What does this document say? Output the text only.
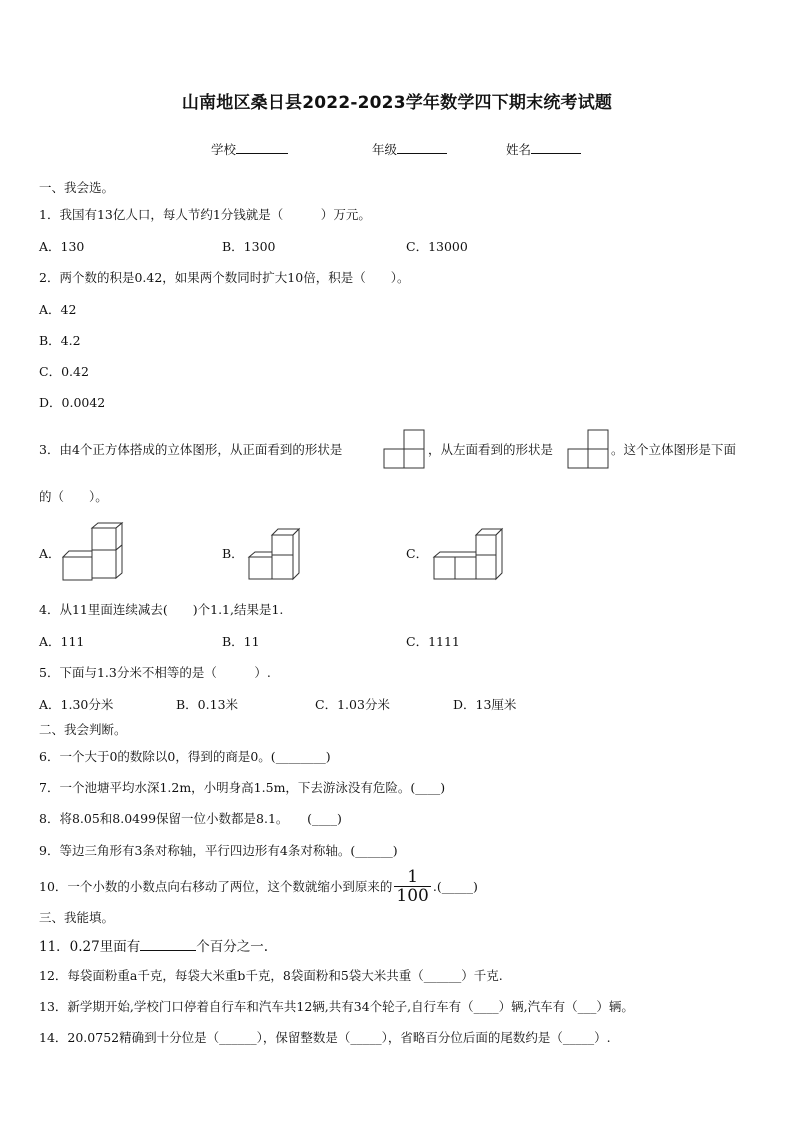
山南地区桑日县2022-2023学年数学四下期末统考试题
学校	年级	姓名
一、我会选。
1．我国有13亿人口，每人节约1分钱就是（　　　）万元。
A．130	B．1300	C．13000
2．两个数的积是0.42，如果两个数同时扩大10倍，积是（　　）。
A．42
B．4.2
C．0.42
D．0.0042
3．由4个正方体搭成的立体图形，从正面看到的形状是	，从左面看到的形状是	。这个立体图形是下面
的（　　）。
A．	B．	C．
4．从11里面连续减去(　　)个1.1,结果是1.
A．111	B．11	C．1111
5．下面与1.3分米不相等的是（　　　）.
A．1.30分米	B．0.13米	C．1.03分米	D．13厘米
二、我会判断。
6．一个大于0的数除以0，得到的商是0。(________)
7．一个池塘平均水深1.2m，小明身高1.5m，下去游泳没有危险。(____)
8．将8.05和8.0499保留一位小数都是8.1。　　(____)
9．等边三角形有3条对称轴，平行四边形有4条对称轴。(______)
10．一个小数的小数点向右移动了两位，这个数就缩小到原来的 $\frac{1}{100}$ .(_____)
三、我能填。
11．0.27里面有	个百分之一.
12．每袋面粉重a千克，每袋大米重b千克，8袋面粉和5袋大米共重（______）千克.
13．新学期开始,学校门口停着自行车和汽车共12辆,共有34个轮子,自行车有（____）辆,汽车有（___）辆。
14．20.0752精确到十分位是（______），保留整数是（_____），省略百分位后面的尾数约是（_____）.
